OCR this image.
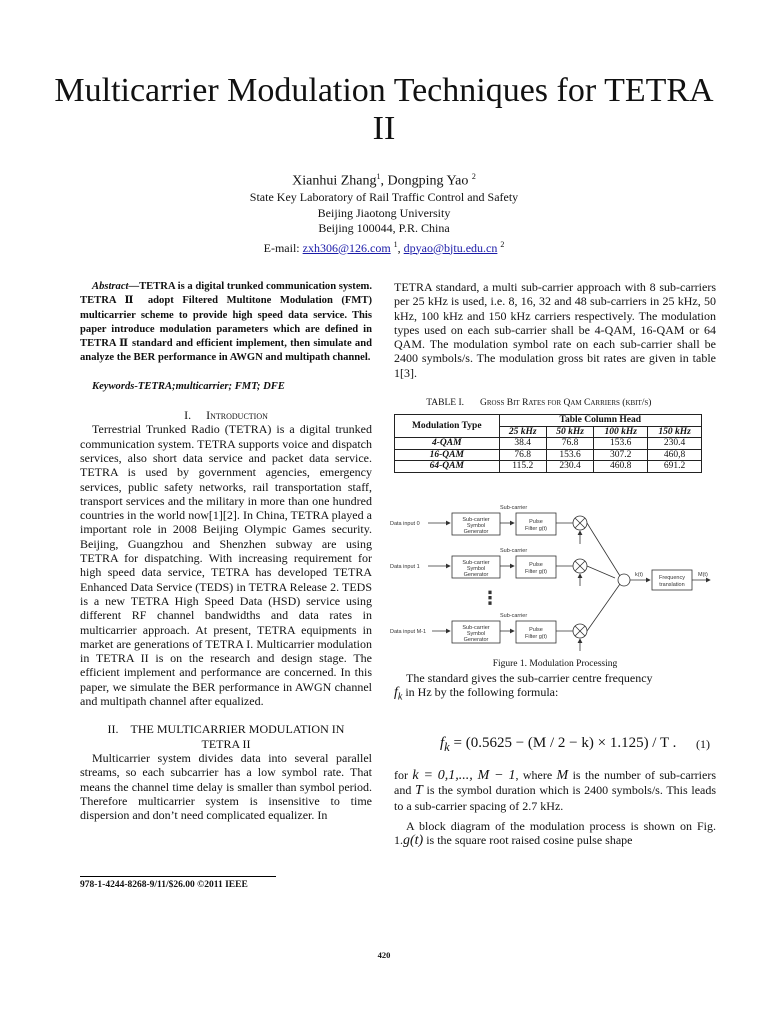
Multicarrier Modulation Techniques for TETRA II
Xianhui Zhang$^1$, Dongping Yao $^2$
State Key Laboratory of Rail Traffic Control and Safety
Beijing Jiaotong University
Beijing 100044, P.R. China
E-mail: zxh306@126.com $^1$, dpyao@bjtu.edu.cn $^2$

Abstract—TETRA is a digital trunked communication system. TETRA Ⅱ adopt Filtered Multitone Modulation (FMT) multicarrier scheme to provide high speed data service. This paper introduce modulation parameters which are defined in TETRA Ⅱ standard and efficient implement, then simulate and analyze the BER performance in AWGN and multipath channel.

Keywords-TETRA;multicarrier; FMT; DFE

I. Introduction

Terrestrial Trunked Radio (TETRA) is a digital trunked communication system. TETRA supports voice and dispatch services, also short data service and packet data service. TETRA is used by government agencies, emergency services, public safety networks, rail transportation staff, transport services and the military in more than one hundred countries in the world now[1][2]. In China, TETRA played a important role in 2008 Beijing Olympic Games security. Beijing, Guangzhou and Shenzhen subway are using TETRA for dispatching. With increasing requirement for high speed data service, TETRA has developed TETRA Enhanced Data Service (TEDS) in TETRA Release 2. TEDS is a new TETRA High Speed Data (HSD) service using different RF channel bandwidths and data rates in multicarrier approach. At present, TETRA equipments in market are generations of TETRA I. Multicarrier modulation in TETRA II is on the research and design stage. The efficient implement and performance are concerned. In this paper, we simulate the BER performance in AWGN channel and multipath channel after equalized.

II. THE MULTICARRIER MODULATION IN
TETRA II

Multicarrier system divides data into several parallel streams, so each subcarrier has a low symbol rate. That means the channel time delay is smaller than symbol period. Therefore multicarrier system is insensitive to time dispersion and don’t need complicated equalizer. In

TETRA standard, a multi sub-carrier approach with 8 sub-carriers per 25 kHz is used, i.e. 8, 16, 32 and 48 sub-carriers in 25 kHz, 50 kHz, 100 kHz and 150 kHz carriers respectively. The modulation types used on each sub-carrier shall be 4-QAM, 16-QAM or 64 QAM. The modulation symbol rate on each sub-carrier shall be 2400 symbols/s. The modulation gross bit rates are given in table 1[3].

TABLE I. Gross Bit Rates for Qam Carriers (kbit/s)
Modulation Type	Table Column Head			
	25 kHz	50 kHz	100 kHz	150 kHz
4-QAM	38.4	76.8	153.6	230.4
16-QAM	76.8	153.6	307.2	460,8
64-QAM	115.2	230.4	460.8	691.2
Sub-carrier
Sub-carrier
Sub-carrier
Data input 0
Data input 1
Data input M-1
Sub-carrier
Symbol
Generator
Sub-carrier
Symbol
Generator
Sub-carrier
Symbol
Generator
Pulse
Filter g(t)
Pulse
Filter g(t)
Pulse
Filter g(t)
Frequency
translation
k(t)	M(t)
⋮
Figure 1. Modulation Processing

The standard gives the sub-carrier centre frequency
$f_k$ in Hz by the following formula:

$f_k = (0.5625 - (M / 2 - k) \times 1.125) / T$ . (1)

for k = 0,1,..., M − 1, where M is the number of sub-carriers and T is the symbol duration which is 2400 symbols/s. This leads to a sub-carrier spacing of 2.7 kHz.

A block diagram of the modulation process is shown on Fig. 1.g(t) is the square root raised cosine pulse shape

978-1-4244-8268-9/11/$26.00 ©2011 IEEE
420
